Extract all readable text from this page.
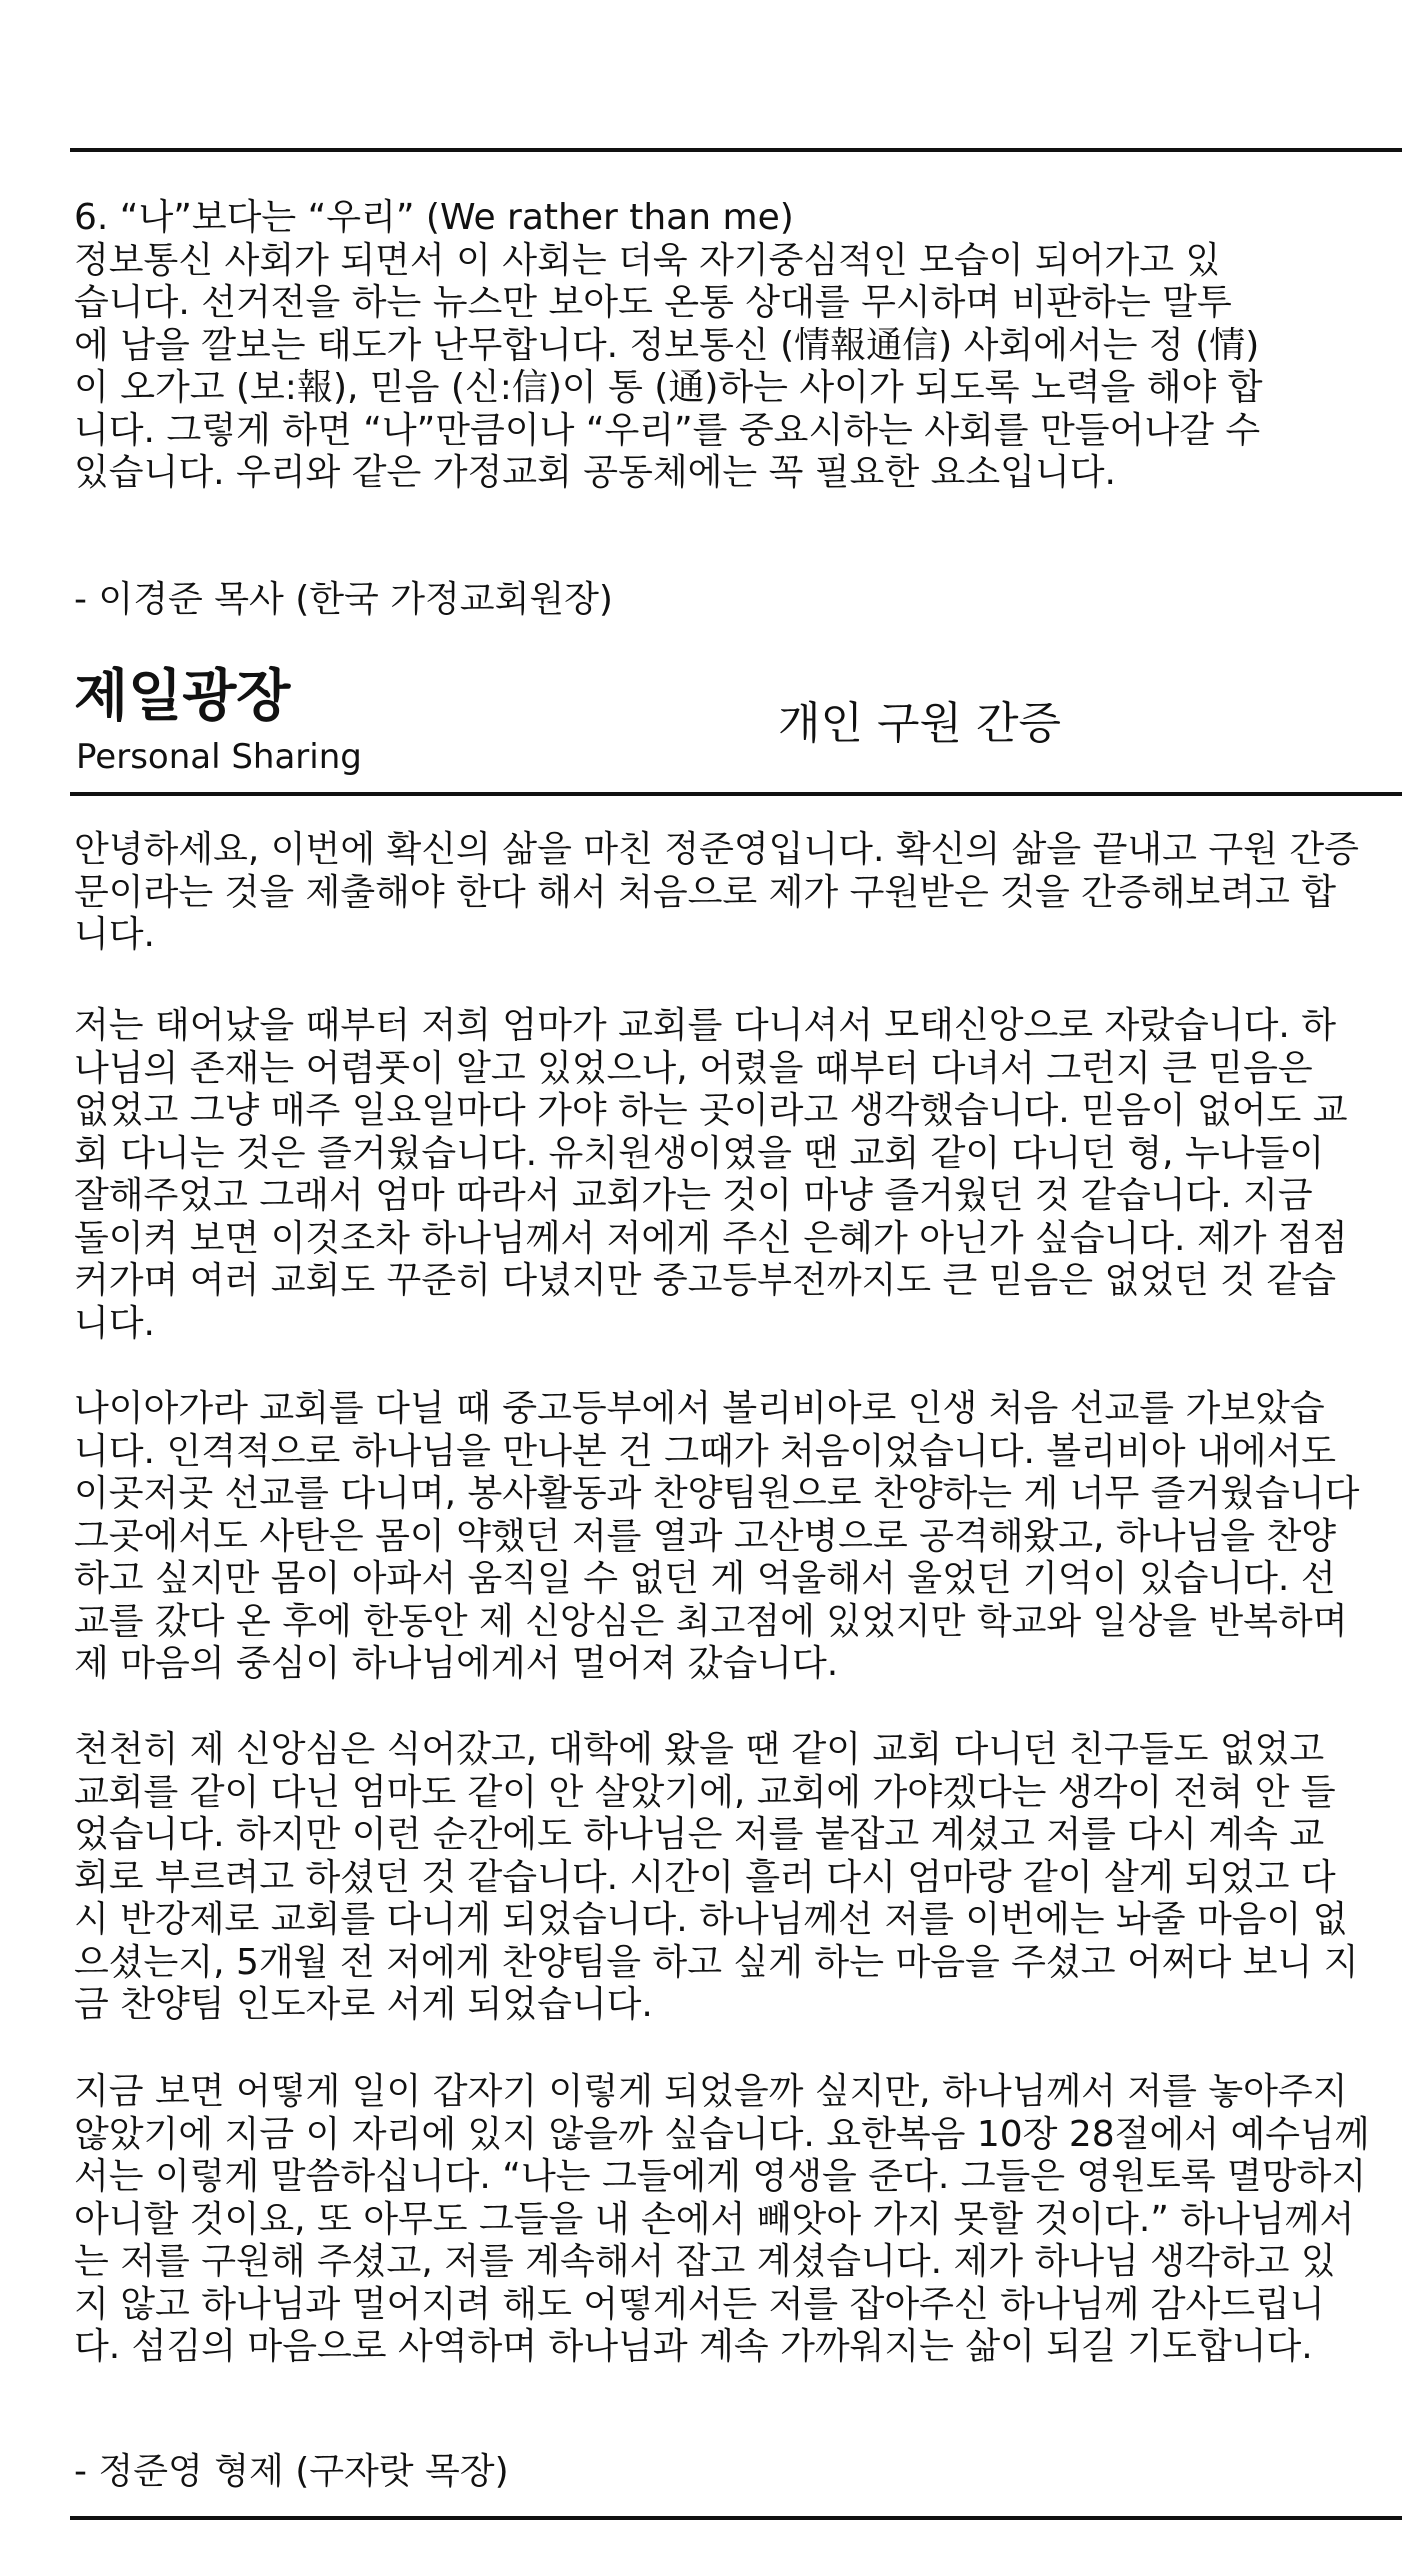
6. “나”보다는 “우리” (We rather than me)
정보통신 사회가 되면서 이 사회는 더욱 자기중심적인 모습이 되어가고 있
습니다. 선거전을 하는 뉴스만 보아도 온통 상대를 무시하며 비판하는 말투
에 남을 깔보는 태도가 난무합니다. 정보통신 (情報通信) 사회에서는 정 (情)
이 오가고 (보:報), 믿음 (신:信)이 통 (通)하는 사이가 되도록 노력을 해야 합
니다. 그렇게 하면 “나”만큼이나 “우리”를 중요시하는 사회를 만들어나갈 수
있습니다. 우리와 같은 가정교회 공동체에는 꼭 필요한 요소입니다.
- 이경준 목사 (한국 가정교회원장)
제일광장
Personal Sharing
개인 구원 간증
안녕하세요, 이번에 확신의 삶을 마친 정준영입니다. 확신의 삶을 끝내고 구원 간증
문이라는 것을 제출해야 한다 해서 처음으로 제가 구원받은 것을 간증해보려고 합
니다.
저는 태어났을 때부터 저희 엄마가 교회를 다니셔서 모태신앙으로 자랐습니다. 하
나님의 존재는 어렴풋이 알고 있었으나, 어렸을 때부터 다녀서 그런지 큰 믿음은
없었고 그냥 매주 일요일마다 가야 하는 곳이라고 생각했습니다. 믿음이 없어도 교
회 다니는 것은 즐거웠습니다. 유치원생이였을 땐 교회 같이 다니던 형, 누나들이
잘해주었고 그래서 엄마 따라서 교회가는 것이 마냥 즐거웠던 것 같습니다. 지금
돌이켜 보면 이것조차 하나님께서 저에게 주신 은혜가 아닌가 싶습니다. 제가 점점
커가며 여러 교회도 꾸준히 다녔지만 중고등부전까지도 큰 믿음은 없었던 것 같습
니다.
나이아가라 교회를 다닐 때 중고등부에서 볼리비아로 인생 처음 선교를 가보았습
니다. 인격적으로 하나님을 만나본 건 그때가 처음이었습니다. 볼리비아 내에서도
이곳저곳 선교를 다니며, 봉사활동과 찬양팀원으로 찬양하는 게 너무 즐거웠습니다
그곳에서도 사탄은 몸이 약했던 저를 열과 고산병으로 공격해왔고, 하나님을 찬양
하고 싶지만 몸이 아파서 움직일 수 없던 게 억울해서 울었던 기억이 있습니다. 선
교를 갔다 온 후에 한동안 제 신앙심은 최고점에 있었지만 학교와 일상을 반복하며
제 마음의 중심이 하나님에게서 멀어져 갔습니다.
천천히 제 신앙심은 식어갔고, 대학에 왔을 땐 같이 교회 다니던 친구들도 없었고
교회를 같이 다닌 엄마도 같이 안 살았기에, 교회에 가야겠다는 생각이 전혀 안 들
었습니다. 하지만 이런 순간에도 하나님은 저를 붙잡고 계셨고 저를 다시 계속 교
회로 부르려고 하셨던 것 같습니다. 시간이 흘러 다시 엄마랑 같이 살게 되었고 다
시 반강제로 교회를 다니게 되었습니다. 하나님께선 저를 이번에는 놔줄 마음이 없
으셨는지, 5개월 전 저에게 찬양팀을 하고 싶게 하는 마음을 주셨고 어쩌다 보니 지
금 찬양팀 인도자로 서게 되었습니다.
지금 보면 어떻게 일이 갑자기 이렇게 되었을까 싶지만, 하나님께서 저를 놓아주지
않았기에 지금 이 자리에 있지 않을까 싶습니다. 요한복음 10장 28절에서 예수님께
서는 이렇게 말씀하십니다. “나는 그들에게 영생을 준다. 그들은 영원토록 멸망하지
아니할 것이요, 또 아무도 그들을 내 손에서 빼앗아 가지 못할 것이다.” 하나님께서
는 저를 구원해 주셨고, 저를 계속해서 잡고 계셨습니다. 제가 하나님 생각하고 있
지 않고 하나님과 멀어지려 해도 어떻게서든 저를 잡아주신 하나님께 감사드립니
다. 섬김의 마음으로 사역하며 하나님과 계속 가까워지는 삶이 되길 기도합니다.
- 정준영 형제 (구자랏 목장)
